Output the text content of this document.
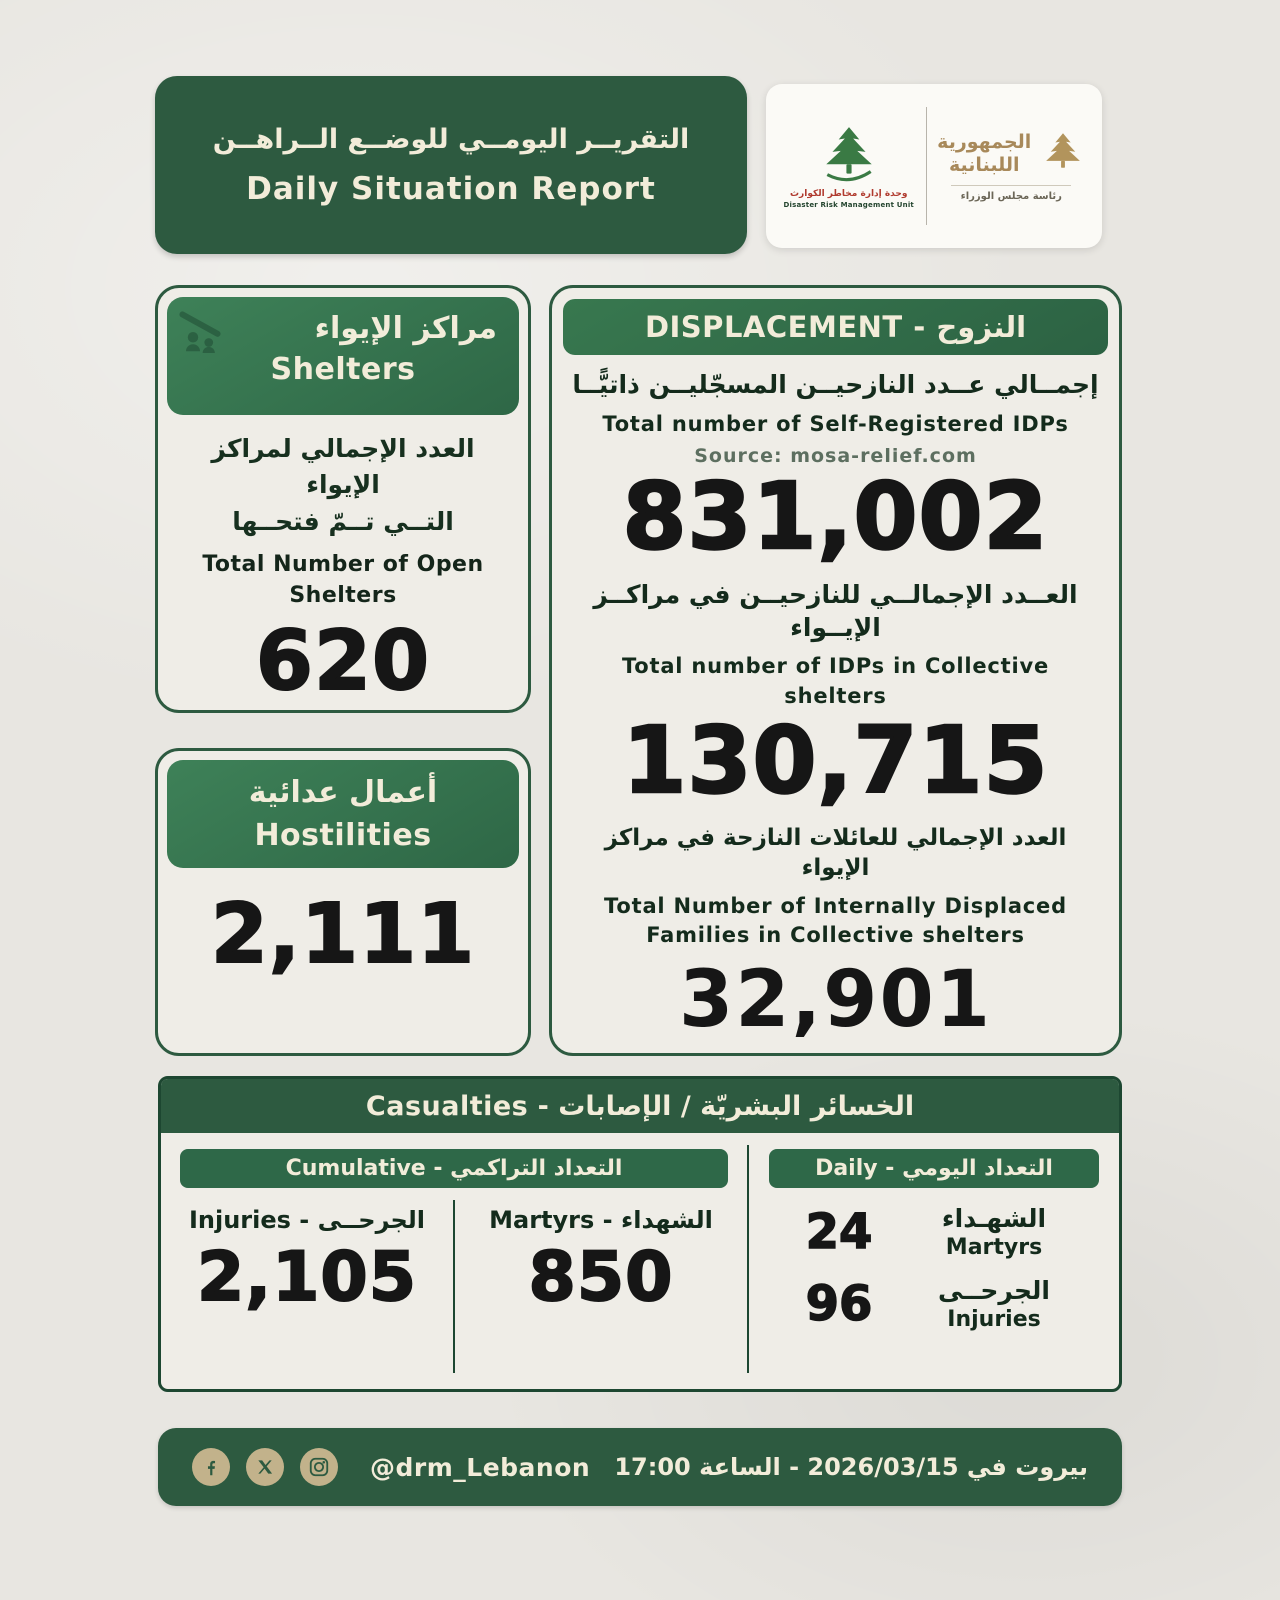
التقريــر اليومــي للوضــع الــراهــن
Daily Situation Report	وحدة إدارة مخاطر الكوارث
Disaster Risk Management Unit
الجمهورية اللبنانية
رئاسة مجلس الوزراء
مراكز الإيواء
Shelters
العدد الإجمالي لمراكز الإيواء
التــي تــمّ فتحــها
Total Number of Open Shelters
620
أعمال عدائية
Hostilities
2,111
DISPLACEMENT - النزوح
إجمــالي عــدد النازحيــن المسجّليــن ذاتيًّــا
Total number of Self-Registered IDPs
Source: mosa-relief.com
831,002
العــدد الإجمالــي للنازحيــن في مراكــز الإيــواء
Total number of IDPs in Collective shelters
130,715
العدد الإجمالي للعائلات النازحة في مراكز الإيواء
Total Number of Internally Displaced Families in Collective shelters
32,901
الخسائر البشريّة / الإصابات - Casualties
Cumulative - التعداد التراكمي
Injuries - الجرحــى
2,105
Martyrs - الشهداء
850
Daily - التعداد اليومي
24	الشهـداء
Martyrs
96	الجرحــى
Injuries
@drm_Lebanon بيروت في 2026/03/15 - الساعة 17:00
